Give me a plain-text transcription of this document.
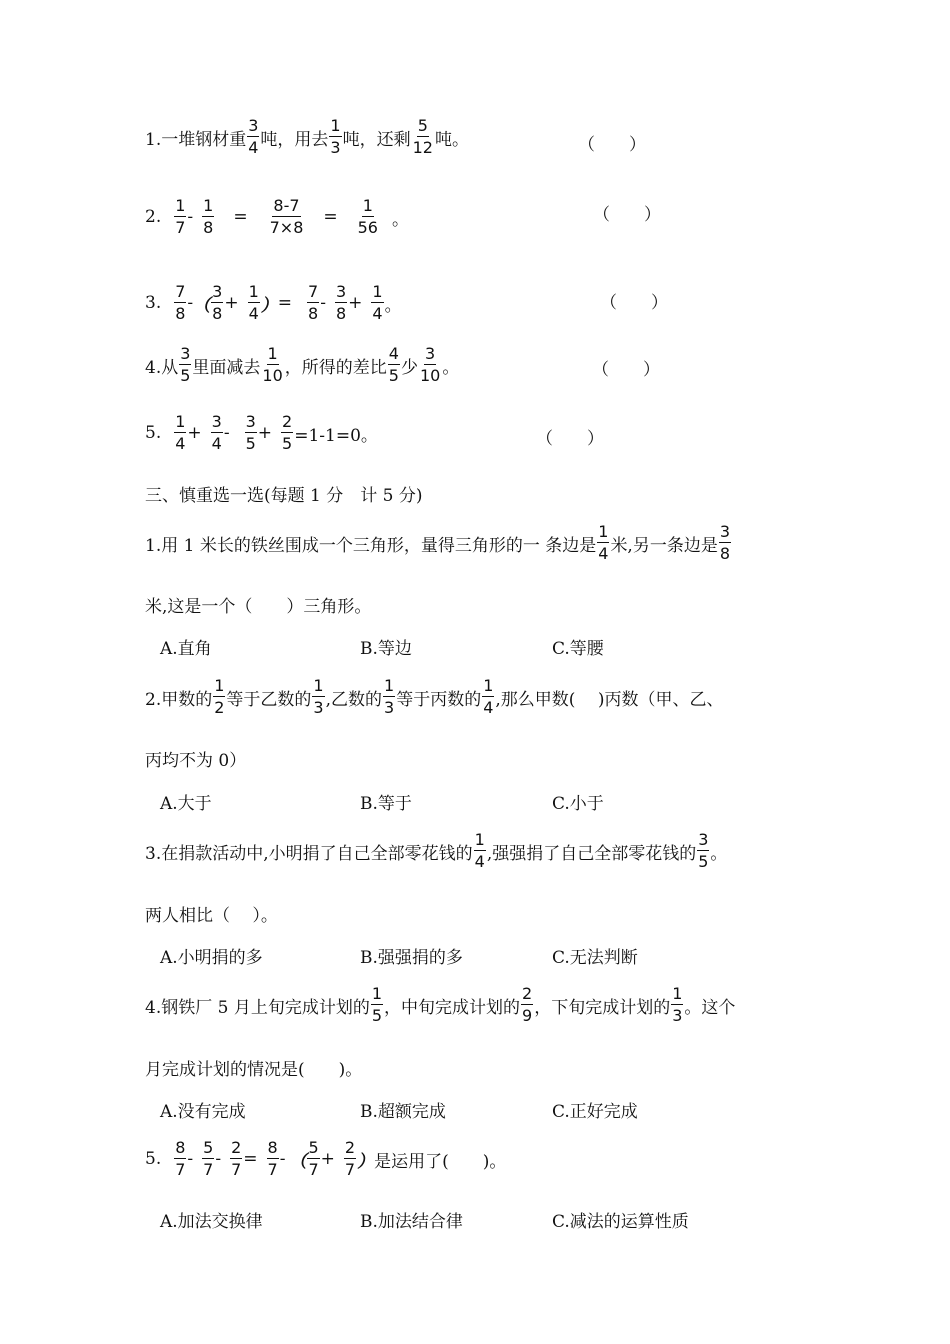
1.一堆钢材重 $\frac{3}{4}$ 吨，用去 $\frac{1}{3}$ 吨，还剩 $\frac{5}{12}$ 吨。	（　　）
2. $\frac{1}{7} - \frac{1}{8} = \frac{8-7}{7\times 8} = \frac{1}{56}$ 。	（　　）
3. $\frac{7}{8}$ - （ $\frac{3}{8} + \frac{1}{4}$ ） = $\frac{7}{8} - \frac{3}{8} + \frac{1}{4}$ 。	（　　）
4.从 $\frac{3}{5}$ 里面减去 $\frac{1}{10}$ ，所得的差比 $\frac{4}{5}$ 少 $\frac{3}{10}$ 。	（　　）
5. $\frac{1}{4} + \frac{3}{4} - \frac{3}{5} + \frac{2}{5} =1-1=0$。	（　　）
三、慎重选一选(每题 1 分　计 5 分)
1.用 1 米长的铁丝围成一个三角形，量得三角形的一 条边是 $\frac{1}{4}$ 米,另一条边是 $\frac{3}{8}$
米,这是一个（　　）三角形。
A.直角	B.等边	C.等腰
2.甲数的 $\frac{1}{2}$ 等于乙数的 $\frac{1}{3}$ ,乙数的 $\frac{1}{3}$ 等于丙数的 $\frac{1}{4}$ ,那么甲数(　 )丙数（甲、乙、
丙均不为 0）
A.大于	B.等于	C.小于
3.在捐款活动中,小明捐了自己全部零花钱的 $\frac{1}{4}$ ,强强捐了自己全部零花钱的 $\frac{3}{5}$ 。
两人相比（　 ）。
A.小明捐的多	B.强强捐的多	C.无法判断
4.钢铁厂 5 月上旬完成计划的 $\frac{1}{5}$ ，中旬完成计划的 $\frac{2}{9}$ ，下旬完成计划的 $\frac{1}{3}$ 。这个
月完成计划的情况是(　　)。
A.没有完成	B.超额完成	C.正好完成
5. $\frac{8}{7} - \frac{5}{7} - \frac{2}{7} = \frac{8}{7}$ - （ $\frac{5}{7} + \frac{2}{7}$ ） 是运用了(　　)。
A.加法交换律	B.加法结合律	C.减法的运算性质
